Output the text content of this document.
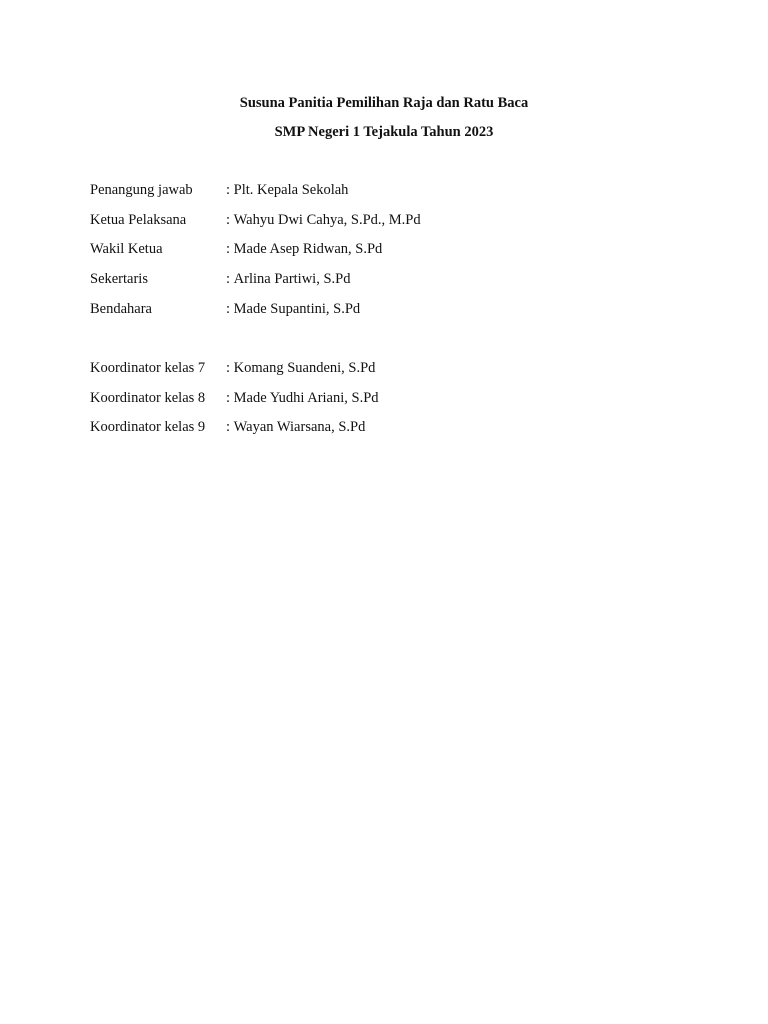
Susuna Panitia Pemilihan Raja dan Ratu Baca
SMP Negeri 1 Tejakula Tahun 2023
Penangung jawab	: Plt. Kepala Sekolah
Ketua Pelaksana	: Wahyu Dwi Cahya, S.Pd., M.Pd
Wakil Ketua	: Made Asep Ridwan, S.Pd
Sekertaris	: Arlina Partiwi, S.Pd
Bendahara	: Made Supantini, S.Pd
Koordinator kelas 7	: Komang Suandeni, S.Pd
Koordinator kelas 8	: Made Yudhi Ariani, S.Pd
Koordinator kelas 9	: Wayan Wiarsana, S.Pd
